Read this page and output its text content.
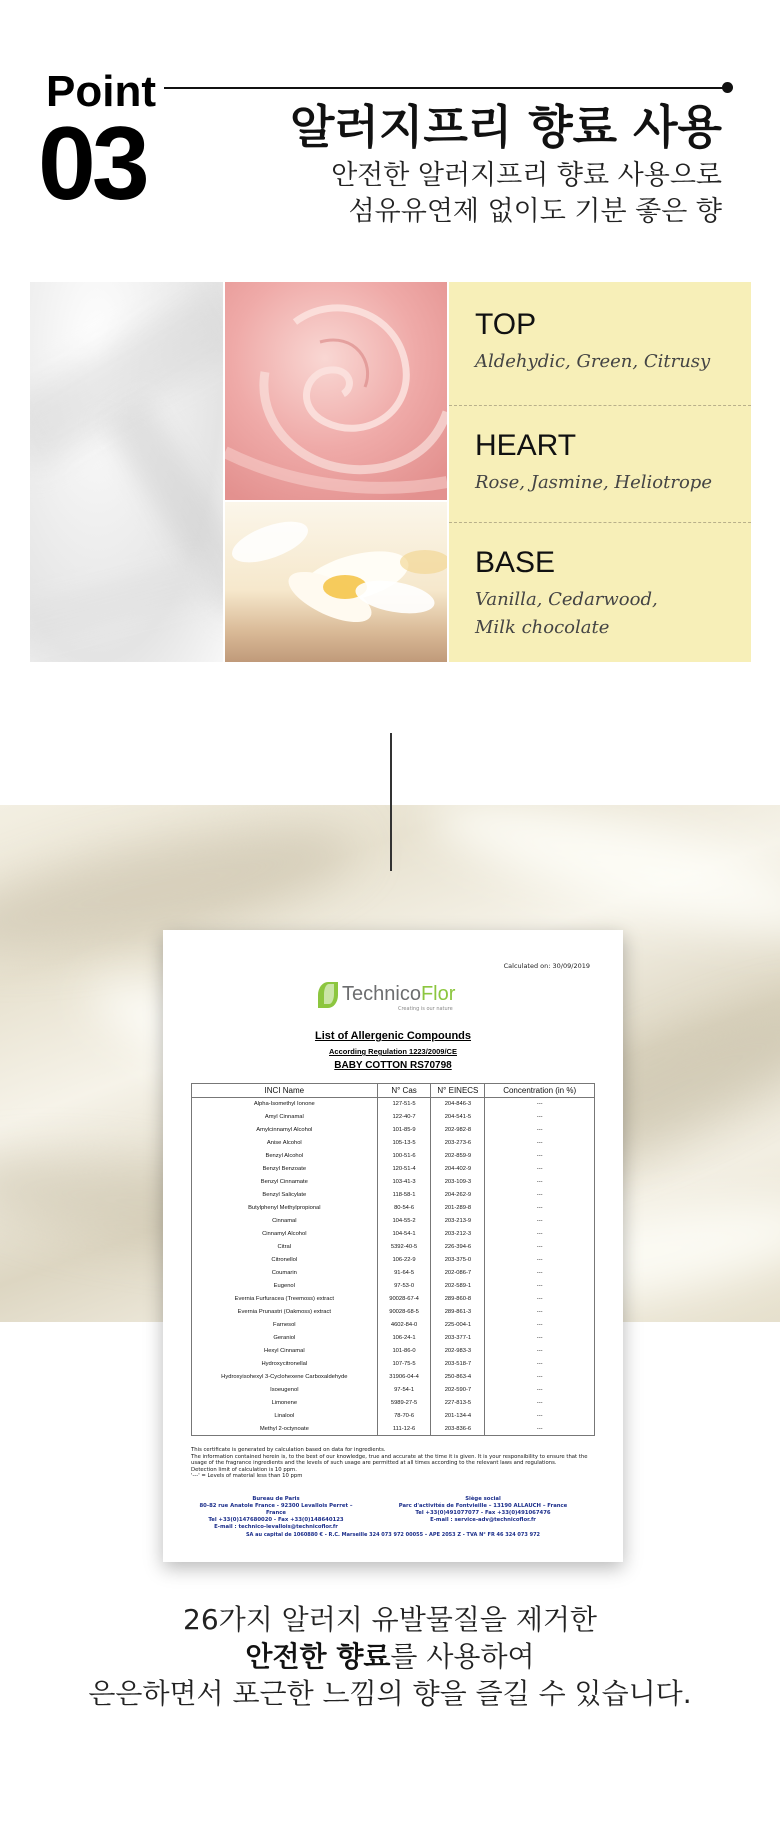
Point
03	알러지프리 향료 사용
안전한 알러지프리 향료 사용으로
섬유유연제 없이도 기분 좋은 향
TOP
Aldehydic, Green, Citrusy
HEART
Rose, Jasmine, Heliotrope
BASE
Vanilla, Cedarwood,
Milk chocolate
Calculated on: 30/09/2019
TechnicoFlor
Creating is our nature
List of Allergenic Compounds
According Regulation 1223/2009/CE
BABY COTTON RS70798
INCI Name	N° Cas	N° EINECS	Concentration (in %)
Alpha-Isomethyl Ionone	127-51-5	204-846-3	---
Amyl Cinnamal	122-40-7	204-541-5	---
Amylcinnamyl Alcohol	101-85-9	202-982-8	---
Anise Alcohol	105-13-5	203-273-6	---
Benzyl Alcohol	100-51-6	202-859-9	---
Benzyl Benzoate	120-51-4	204-402-9	---
Benzyl Cinnamate	103-41-3	203-109-3	---
Benzyl Salicylate	118-58-1	204-262-9	---
Butylphenyl Methylpropional	80-54-6	201-289-8	---
Cinnamal	104-55-2	203-213-9	---
Cinnamyl Alcohol	104-54-1	203-212-3	---
Citral	5392-40-5	226-394-6	---
Citronellol	106-22-9	203-375-0	---
Coumarin	91-64-5	202-086-7	---
Eugenol	97-53-0	202-589-1	---
Evernia Furfuracea (Treemoss) extract	90028-67-4	289-860-8	---
Evernia Prunastri (Oakmoss) extract	90028-68-5	289-861-3	---
Farnesol	4602-84-0	225-004-1	---
Geraniol	106-24-1	203-377-1	---
Hexyl Cinnamal	101-86-0	202-983-3	---
Hydroxycitronellal	107-75-5	203-518-7	---
Hydroxyisohexyl 3-Cyclohexene Carboxaldehyde	31906-04-4	250-863-4	---
Isoeugenol	97-54-1	202-590-7	---
Limonene	5989-27-5	227-813-5	---
Linalool	78-70-6	201-134-4	---
Methyl 2-octynoate	111-12-6	203-836-6	---
This certificate is generated by calculation based on data for ingredients.
The information contained herein is, to the best of our knowledge, true and accurate at the time it is given. It is your responsibility to ensure that the
usage of the fragrance ingredients and the levels of such usage are permitted at all times according to the relevant laws and regulations.
Detection limit of calculation is 10 ppm.
'---' = Levels of material less than 10 ppm
Bureau de Paris
80-82 rue Anatole France - 92300 Levallois Perret – France
Tel +33(0)147680020 - Fax +33(0)148640123
E-mail : technico-levallois@technicoflor.fr
Siège social
Parc d'activités de Fontvieille – 13190 ALLAUCH – France
Tel +33(0)491077077 - Fax +33(0)491067476
E-mail : service-adv@technicoflor.fr
SA au capital de 1060880 € - R.C. Marseille 324 073 972 00055 – APE 2053 Z - TVA N° FR 46 324 073 972
26가지 알러지 유발물질을 제거한
안전한 향료를 사용하여
은은하면서 포근한 느낌의 향을 즐길 수 있습니다.
